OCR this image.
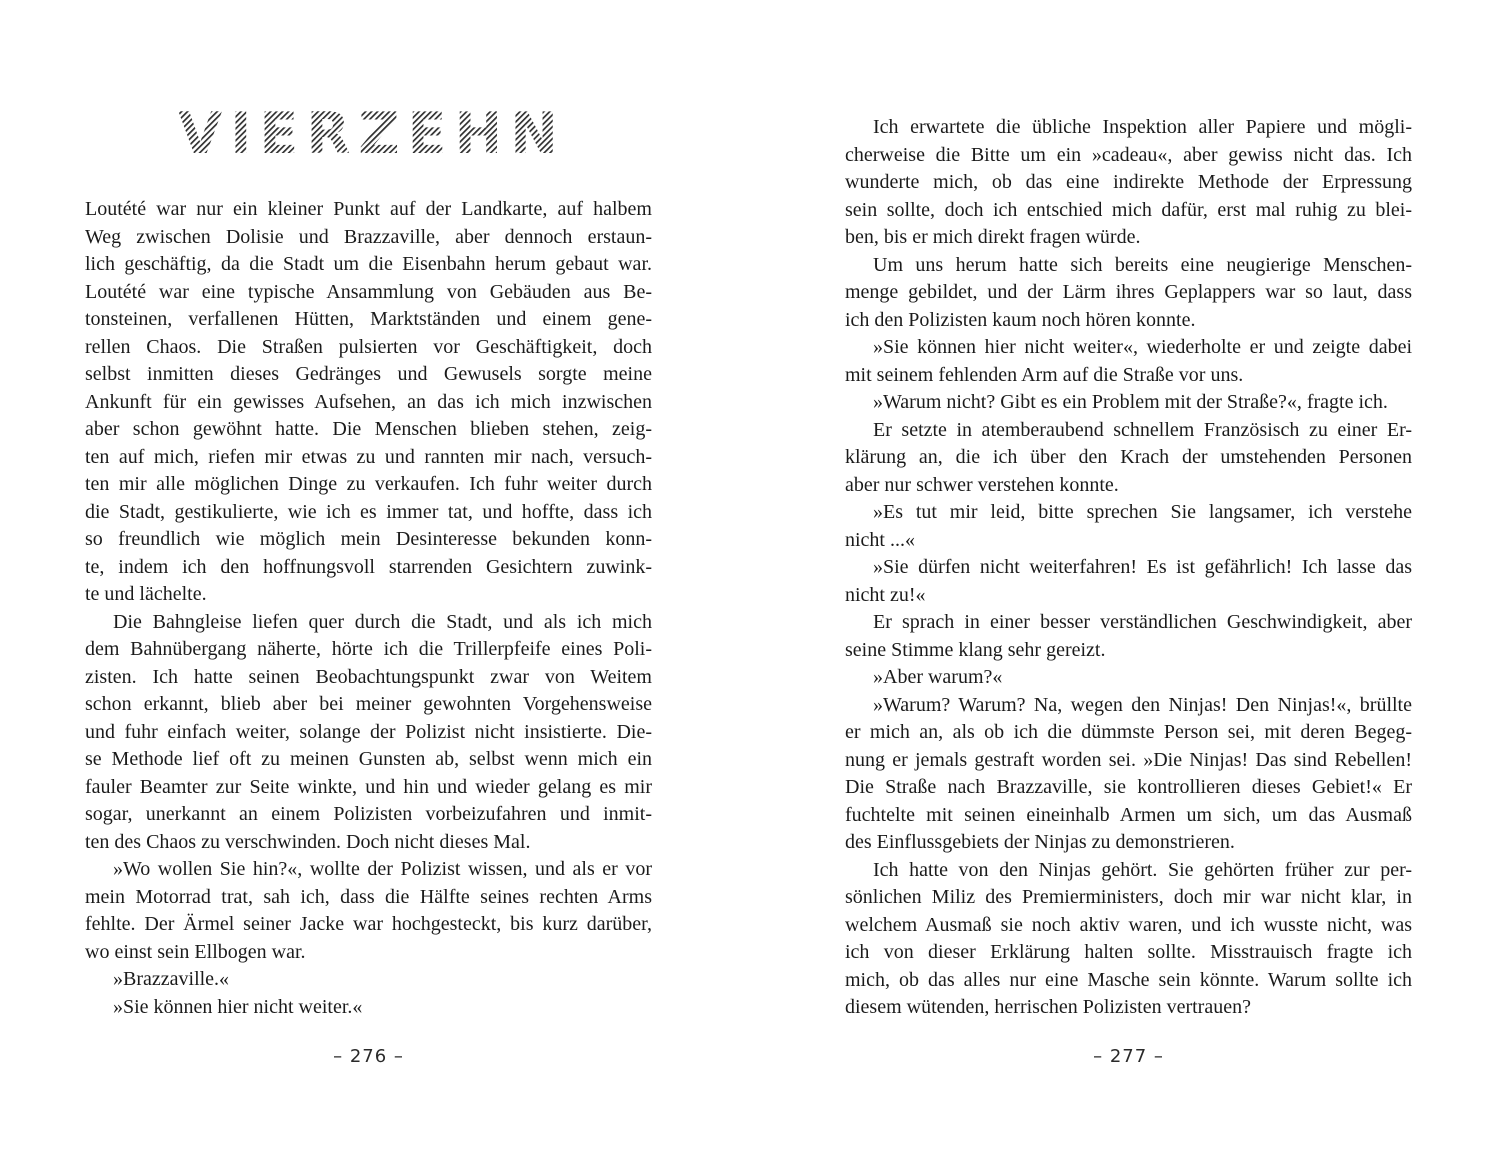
VIERZEHN
Loutété war nur ein kleiner Punkt auf der Landkarte, auf halbem
Weg zwischen Dolisie und Brazzaville, aber dennoch erstaun-
lich geschäftig, da die Stadt um die Eisenbahn herum gebaut war.
Loutété war eine typische Ansammlung von Gebäuden aus Be-
tonsteinen, verfallenen Hütten, Marktständen und einem gene-
rellen Chaos. Die Straßen pulsierten vor Geschäftigkeit, doch
selbst inmitten dieses Gedränges und Gewusels sorgte meine
Ankunft für ein gewisses Aufsehen, an das ich mich inzwischen
aber schon gewöhnt hatte. Die Menschen blieben stehen, zeig-
ten auf mich, riefen mir etwas zu und rannten mir nach, versuch-
ten mir alle möglichen Dinge zu verkaufen. Ich fuhr weiter durch
die Stadt, gestikulierte, wie ich es immer tat, und hoffte, dass ich
so freundlich wie möglich mein Desinteresse bekunden konn-
te, indem ich den hoffnungsvoll starrenden Gesichtern zuwink-
te und lächelte.
Die Bahngleise liefen quer durch die Stadt, und als ich mich
dem Bahnübergang näherte, hörte ich die Trillerpfeife eines Poli-
zisten. Ich hatte seinen Beobachtungspunkt zwar von Weitem
schon erkannt, blieb aber bei meiner gewohnten Vorgehensweise
und fuhr einfach weiter, solange der Polizist nicht insistierte. Die-
se Methode lief oft zu meinen Gunsten ab, selbst wenn mich ein
fauler Beamter zur Seite winkte, und hin und wieder gelang es mir
sogar, unerkannt an einem Polizisten vorbeizufahren und inmit-
ten des Chaos zu verschwinden. Doch nicht dieses Mal.
»Wo wollen Sie hin?«, wollte der Polizist wissen, und als er vor
mein Motorrad trat, sah ich, dass die Hälfte seines rechten Arms
fehlte. Der Ärmel seiner Jacke war hochgesteckt, bis kurz darüber,
wo einst sein Ellbogen war.
»Brazzaville.«
»Sie können hier nicht weiter.«
– 276 –
Ich erwartete die übliche Inspektion aller Papiere und mögli-
cherweise die Bitte um ein »cadeau«, aber gewiss nicht das. Ich
wunderte mich, ob das eine indirekte Methode der Erpressung
sein sollte, doch ich entschied mich dafür, erst mal ruhig zu blei-
ben, bis er mich direkt fragen würde.
Um uns herum hatte sich bereits eine neugierige Menschen-
menge gebildet, und der Lärm ihres Geplappers war so laut, dass
ich den Polizisten kaum noch hören konnte.
»Sie können hier nicht weiter«, wiederholte er und zeigte dabei
mit seinem fehlenden Arm auf die Straße vor uns.
»Warum nicht? Gibt es ein Problem mit der Straße?«, fragte ich.
Er setzte in atemberaubend schnellem Französisch zu einer Er-
klärung an, die ich über den Krach der umstehenden Personen
aber nur schwer verstehen konnte.
»Es tut mir leid, bitte sprechen Sie langsamer, ich verstehe
nicht ...«
»Sie dürfen nicht weiterfahren! Es ist gefährlich! Ich lasse das
nicht zu!«
Er sprach in einer besser verständlichen Geschwindigkeit, aber
seine Stimme klang sehr gereizt.
»Aber warum?«
»Warum? Warum? Na, wegen den Ninjas! Den Ninjas!«, brüllte
er mich an, als ob ich die dümmste Person sei, mit deren Begeg-
nung er jemals gestraft worden sei. »Die Ninjas! Das sind Rebellen!
Die Straße nach Brazzaville, sie kontrollieren dieses Gebiet!« Er
fuchtelte mit seinen eineinhalb Armen um sich, um das Ausmaß
des Einflussgebiets der Ninjas zu demonstrieren.
Ich hatte von den Ninjas gehört. Sie gehörten früher zur per-
sönlichen Miliz des Premierministers, doch mir war nicht klar, in
welchem Ausmaß sie noch aktiv waren, und ich wusste nicht, was
ich von dieser Erklärung halten sollte. Misstrauisch fragte ich
mich, ob das alles nur eine Masche sein könnte. Warum sollte ich
diesem wütenden, herrischen Polizisten vertrauen?
– 277 –
